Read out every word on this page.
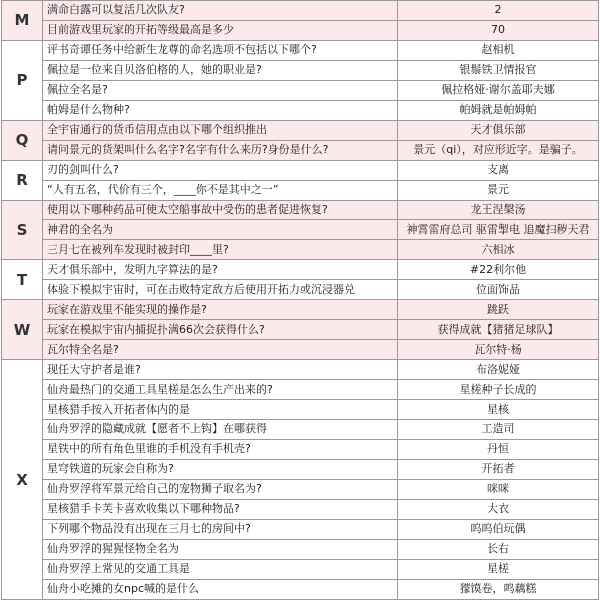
M	满命白露可以复活几次队友?	2
	目前游戏里玩家的开拓等级最高是多少	70
P	评书奇谭任务中给新生龙尊的命名选项不包括以下哪个?	赵相机
	佩拉是一位来自贝洛伯格的人，她的职业是?	银鬃铁卫情报官
	佩拉全名是?	佩拉格娅·谢尔盖耶夫娜
	帕姆是什么物种?	帕姆就是帕姆帕
Q	全宇宙通行的货币信用点由以下哪个组织推出	天才俱乐部
	请问景元的货架叫什么名字?名字有什么来历?身份是什么?	景元（qi），对应形近字。是骗子。
R	刃的剑叫什么?	支离
	“人有五名，代价有三个，____你不是其中之一”	景元
S	使用以下哪种药品可使太空船事故中受伤的患者促进恢复?	龙王涅槃汤
	神君的全名为	神霄雷府总司 驱雷掣电 追魔扫秽天君
	三月七在被列车发现时被封印____里?	六相冰
T	天才俱乐部中，发明九字算法的是?	#22利尔他
	体验下模拟宇宙时，可在击败特定敌方后使用开拓力或沉浸器兑	位面饰品
W	玩家在游戏里不能实现的操作是?	跳跃
	玩家在模拟宇宙内捕捉扑满66次会获得什么?	获得成就【猪猪足球队】
	瓦尔特全名是?	瓦尔特·杨
X	现任大守护者是谁?	布洛妮娅
	仙舟最热门的交通工具星槎是怎么生产出来的?	星槎种子长成的
	星核猎手按入开拓者体内的是	星核
	仙舟罗浮的隐藏成就【愿者不上钩】在哪获得	工造司
	星铁中的所有角色里谁的手机没有手机壳?	丹恒
	星穹铁道的玩家会自称为?	开拓者
	仙舟罗浮将军景元给自己的宠物狮子取名为?	咪咪
	星核猎手卡芙卡喜欢收集以下哪种物品?	大衣
	下列哪个物品没有出现在三月七的房间中?	呜呜伯玩偶
	仙舟罗浮的猩猩怪物全名为	长右
	仙舟罗浮上常见的交通工具是	星槎
	仙舟小吃摊的女npc喊的是什么	獴馍卷，鸣藕糕
